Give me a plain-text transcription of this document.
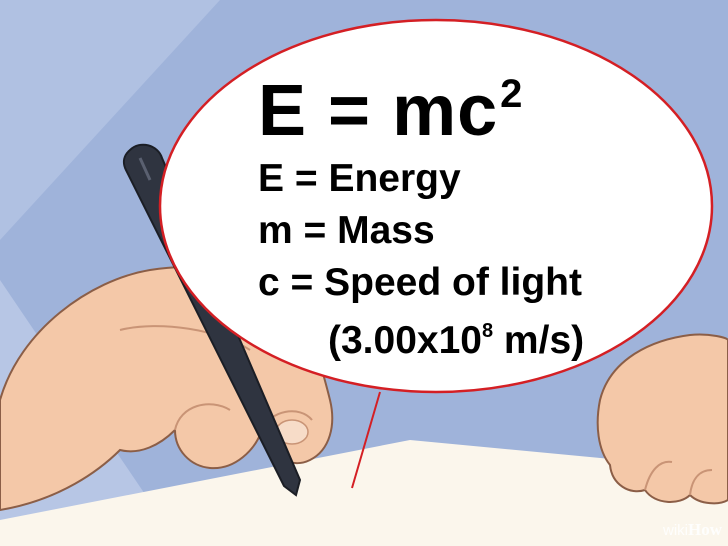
$E = mc^2$
E = Energy
m = Mass
c = Speed of light
($3.00x10^8$ m/s)
wikiHow
